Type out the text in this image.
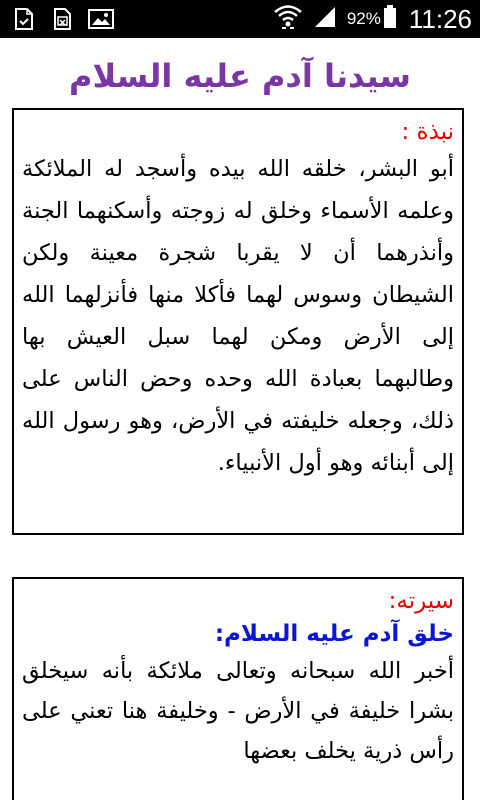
92% 11:26
سيدنا آدم عليه السلام
نبذة :
أبو البشر، خلقه الله بيده وأسجد له الملائكة وعلمه الأسماء وخلق له زوجته وأسكنهما الجنة وأنذرهما أن لا يقربا شجرة معينة ولكن الشيطان وسوس لهما فأكلا منها فأنزلهما الله إلى الأرض ومكن لهما سبل العيش بها وطالبهما بعبادة الله وحده وحض الناس على ذلك، وجعله خليفته في الأرض، وهو رسول الله إلى أبنائه وهو أول الأنبياء.
سيرته:
خلق آدم عليه السلام:
أخبر الله سبحانه وتعالى ملائكة بأنه سيخلق بشرا خليفة في الأرض - وخليفة هنا تعني على رأس ذرية يخلف بعضها
